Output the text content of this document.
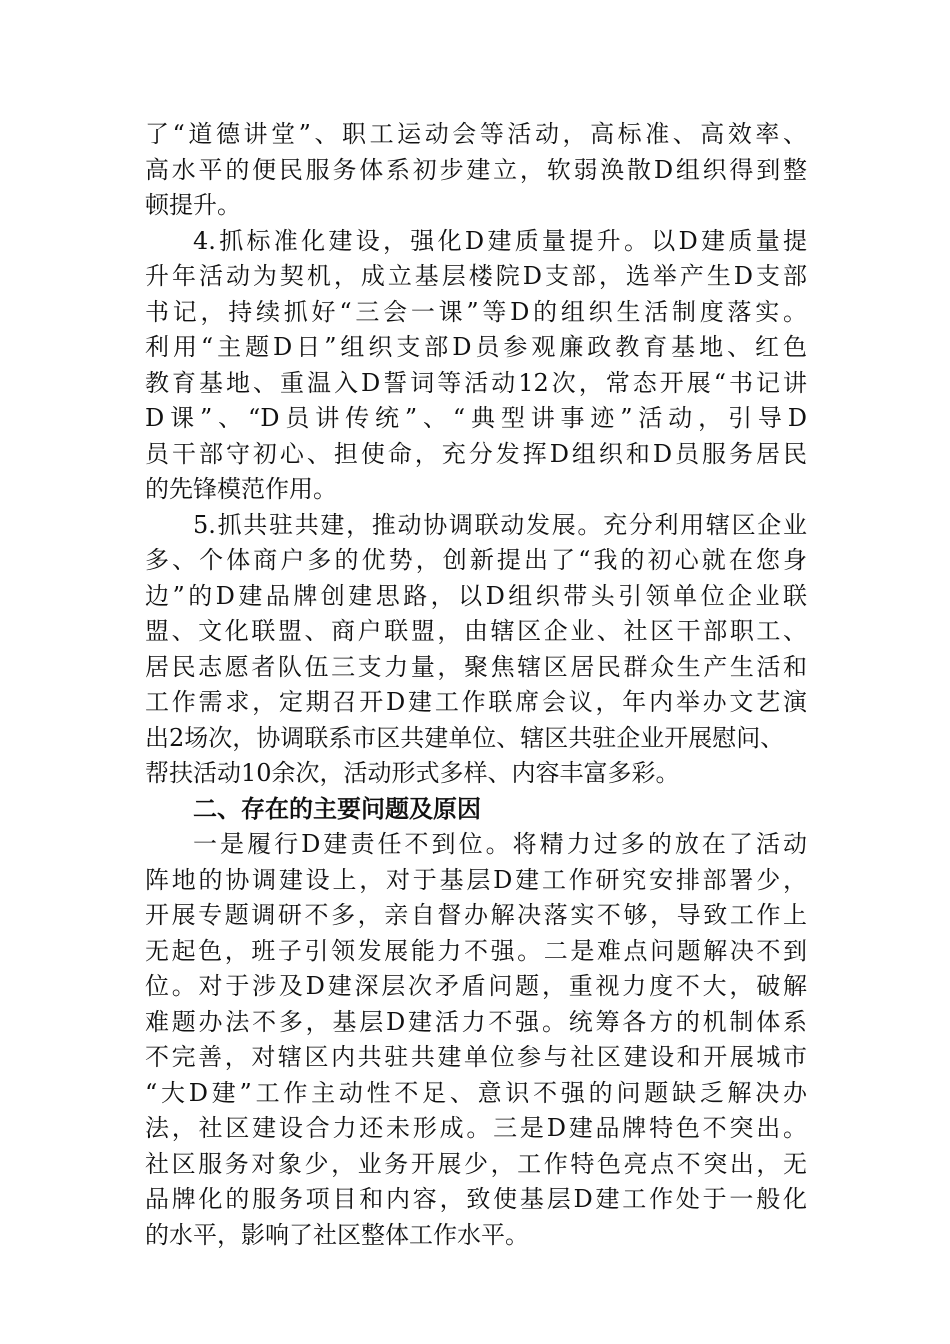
了“道德讲堂”、职工运动会等活动，高标准、高效率、
高水平的便民服务体系初步建立，软弱涣散D组织得到整
顿提升。
4.抓标准化建设，强化D建质量提升。以D建质量提
升年活动为契机，成立基层楼院D支部，选举产生D支部
书记，持续抓好“三会一课”等D的组织生活制度落实。
利用“主题D日”组织支部D员参观廉政教育基地、红色
教育基地、重温入D誓词等活动12次，常态开展“书记讲
D课”、“D员讲传统”、“典型讲事迹”活动，引导D
员干部守初心、担使命，充分发挥D组织和D员服务居民
的先锋模范作用。
5.抓共驻共建，推动协调联动发展。充分利用辖区企业
多、个体商户多的优势，创新提出了“我的初心就在您身
边”的D建品牌创建思路，以D组织带头引领单位企业联
盟、文化联盟、商户联盟，由辖区企业、社区干部职工、
居民志愿者队伍三支力量，聚焦辖区居民群众生产生活和
工作需求，定期召开D建工作联席会议，年内举办文艺演
出2场次，协调联系市区共建单位、辖区共驻企业开展慰问、
帮扶活动10余次，活动形式多样、内容丰富多彩。
二、存在的主要问题及原因
一是履行D建责任不到位。将精力过多的放在了活动
阵地的协调建设上，对于基层D建工作研究安排部署少，
开展专题调研不多，亲自督办解决落实不够，导致工作上
无起色，班子引领发展能力不强。二是难点问题解决不到
位。对于涉及D建深层次矛盾问题，重视力度不大，破解
难题办法不多，基层D建活力不强。统筹各方的机制体系
不完善，对辖区内共驻共建单位参与社区建设和开展城市
“大D建”工作主动性不足、意识不强的问题缺乏解决办
法，社区建设合力还未形成。三是D建品牌特色不突出。
社区服务对象少，业务开展少，工作特色亮点不突出，无
品牌化的服务项目和内容，致使基层D建工作处于一般化
的水平，影响了社区整体工作水平。
